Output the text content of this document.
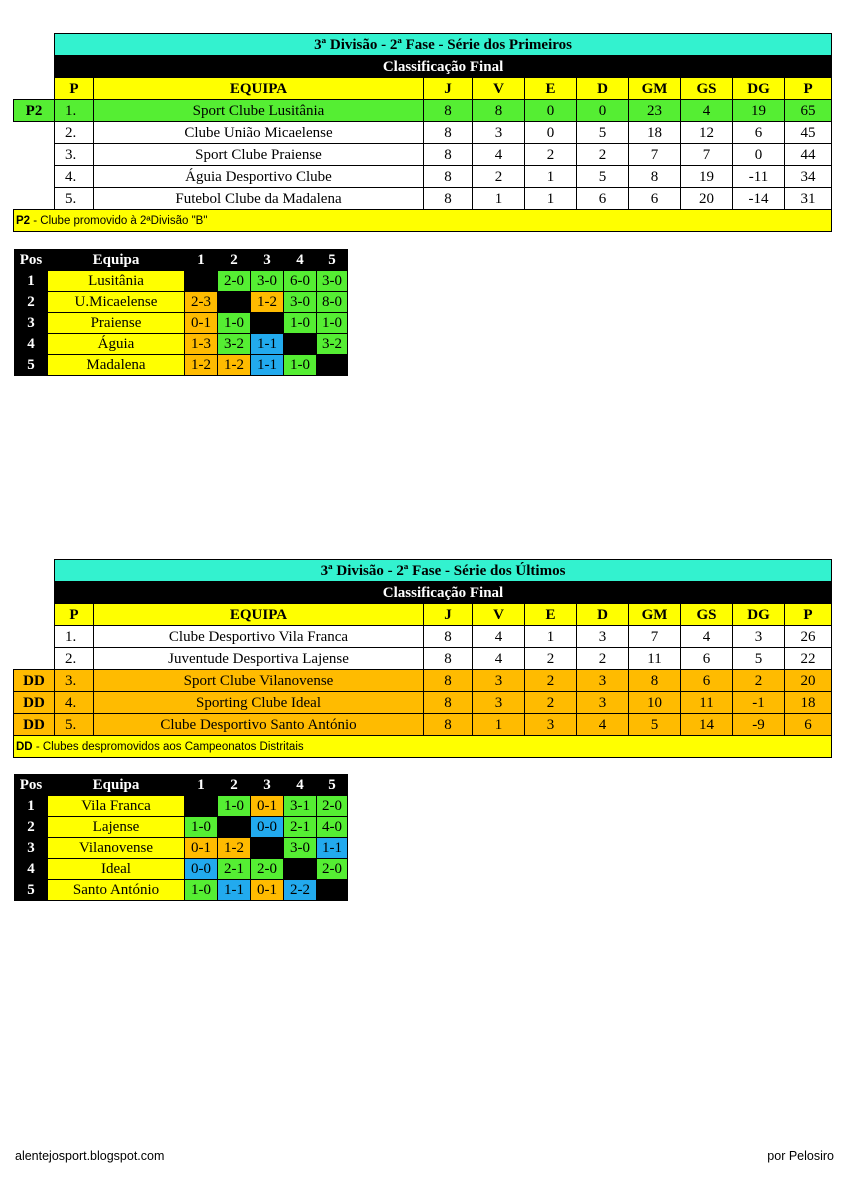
	3ª Divisão - 2ª Fase - Série dos Primeiros									
	Classificação Final									
	P	EQUIPA	J	V	E	D	GM	GS	DG	P
P2	1.	Sport Clube Lusitânia	8	8	0	0	23	4	19	65
	2.	Clube União Micaelense	8	3	0	5	18	12	6	45
	3.	Sport Clube Praiense	8	4	2	2	7	7	0	44
	4.	Águia Desportivo Clube	8	2	1	5	8	19	-11	34
	5.	Futebol Clube da Madalena	8	1	1	6	6	20	-14	31
P2 - Clube promovido à 2ªDivisão "B"										
Pos	Equipa	1	2	3	4	5
1	Lusitânia		2-0	3-0	6-0	3-0
2	U.Micaelense	2-3		1-2	3-0	8-0
3	Praiense	0-1	1-0		1-0	1-0
4	Águia	1-3	3-2	1-1		3-2
5	Madalena	1-2	1-2	1-1	1-0	
	3ª Divisão - 2ª Fase - Série dos Últimos									
	Classificação Final									
	P	EQUIPA	J	V	E	D	GM	GS	DG	P
	1.	Clube Desportivo Vila Franca	8	4	1	3	7	4	3	26
	2.	Juventude Desportiva Lajense	8	4	2	2	11	6	5	22
DD	3.	Sport Clube Vilanovense	8	3	2	3	8	6	2	20
DD	4.	Sporting Clube Ideal	8	3	2	3	10	11	-1	18
DD	5.	Clube Desportivo Santo António	8	1	3	4	5	14	-9	6
DD - Clubes despromovidos aos Campeonatos Distritais										
Pos	Equipa	1	2	3	4	5
1	Vila Franca		1-0	0-1	3-1	2-0
2	Lajense	1-0		0-0	2-1	4-0
3	Vilanovense	0-1	1-2		3-0	1-1
4	Ideal	0-0	2-1	2-0		2-0
5	Santo António	1-0	1-1	0-1	2-2	
alentejosport.blogspot.com	por Pelosiro
